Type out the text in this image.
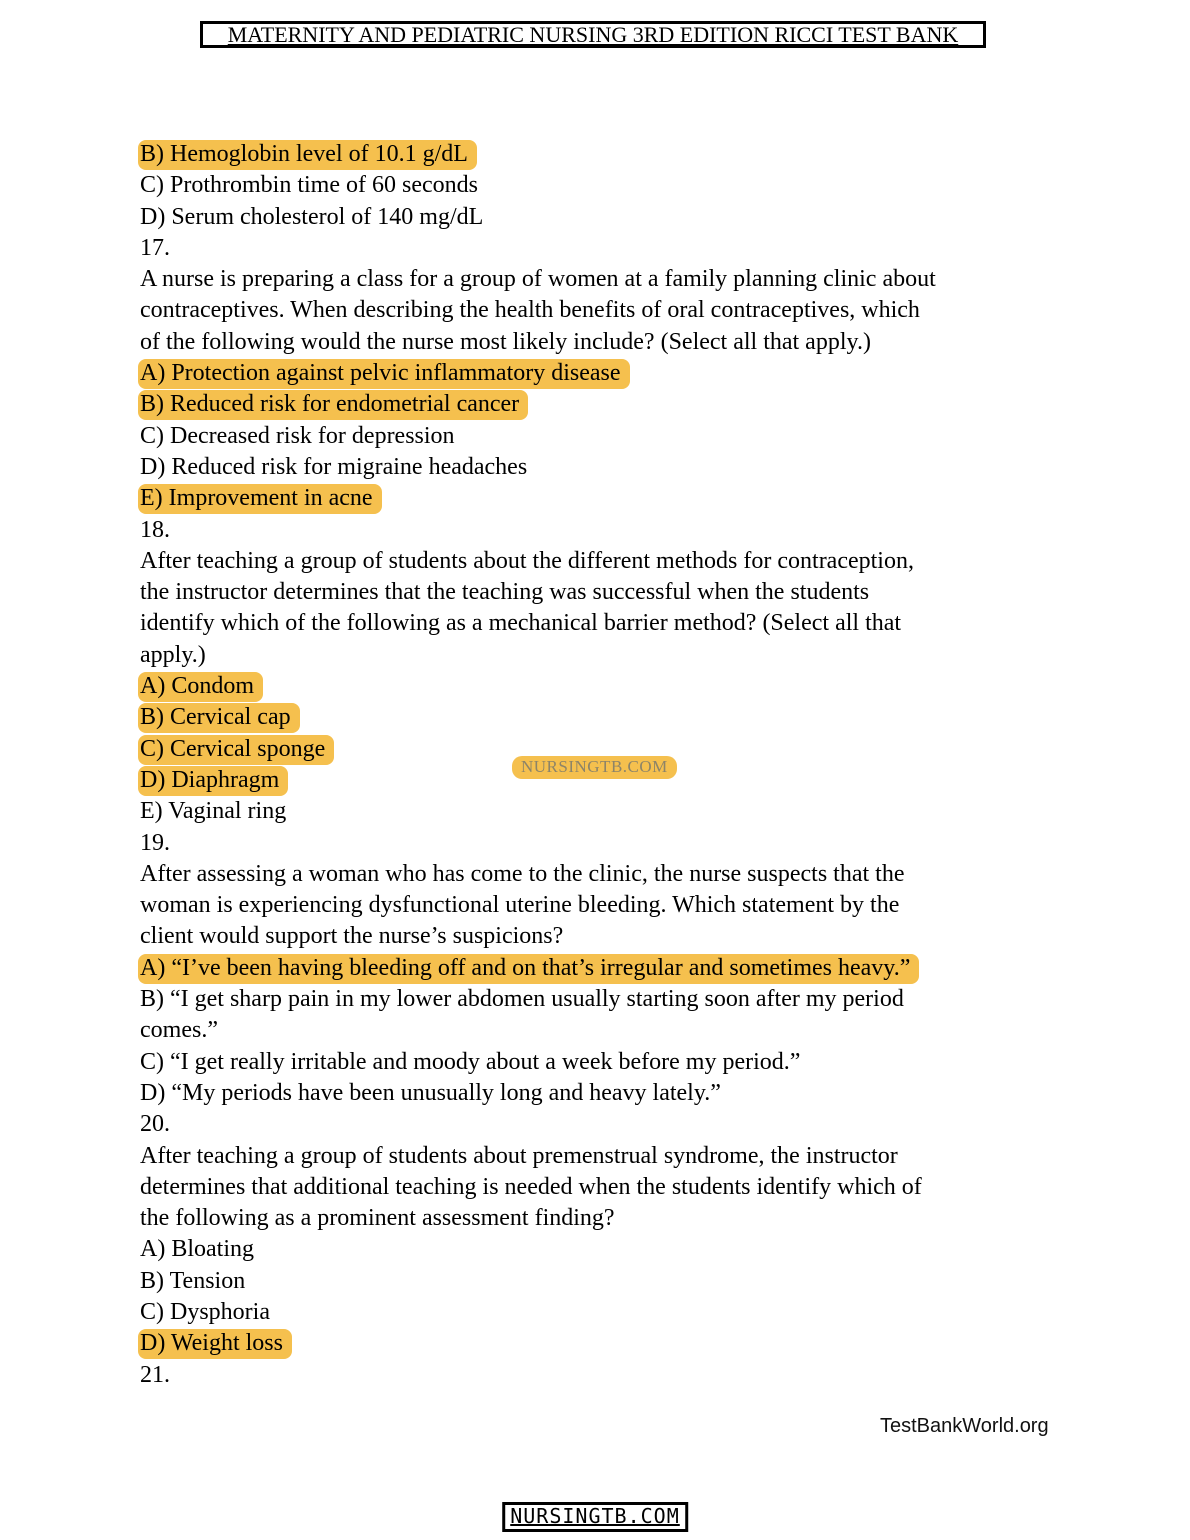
MATERNITY AND PEDIATRIC NURSING 3RD EDITION RICCI TEST BANK
B) Hemoglobin level of 10.1 g/dL
C) Prothrombin time of 60 seconds
D) Serum cholesterol of 140 mg/dL
17.
A nurse is preparing a class for a group of women at a family planning clinic about
contraceptives. When describing the health benefits of oral contraceptives, which
of the following would the nurse most likely include? (Select all that apply.)
A) Protection against pelvic inflammatory disease
B) Reduced risk for endometrial cancer
C) Decreased risk for depression
D) Reduced risk for migraine headaches
E) Improvement in acne
18.
After teaching a group of students about the different methods for contraception,
the instructor determines that the teaching was successful when the students
identify which of the following as a mechanical barrier method? (Select all that
apply.)
A) Condom
B) Cervical cap
C) Cervical sponge
D) Diaphragm
E) Vaginal ring
19.
After assessing a woman who has come to the clinic, the nurse suspects that the
woman is experiencing dysfunctional uterine bleeding. Which statement by the
client would support the nurse’s suspicions?
A) “I’ve been having bleeding off and on that’s irregular and sometimes heavy.”
B) “I get sharp pain in my lower abdomen usually starting soon after my period
comes.”
C) “I get really irritable and moody about a week before my period.”
D) “My periods have been unusually long and heavy lately.”
20.
After teaching a group of students about premenstrual syndrome, the instructor
determines that additional teaching is needed when the students identify which of
the following as a prominent assessment finding?
A) Bloating
B) Tension
C) Dysphoria
D) Weight loss
21.
NURSINGTB.COM
TestBankWorld.org
NURSINGTB.COM
